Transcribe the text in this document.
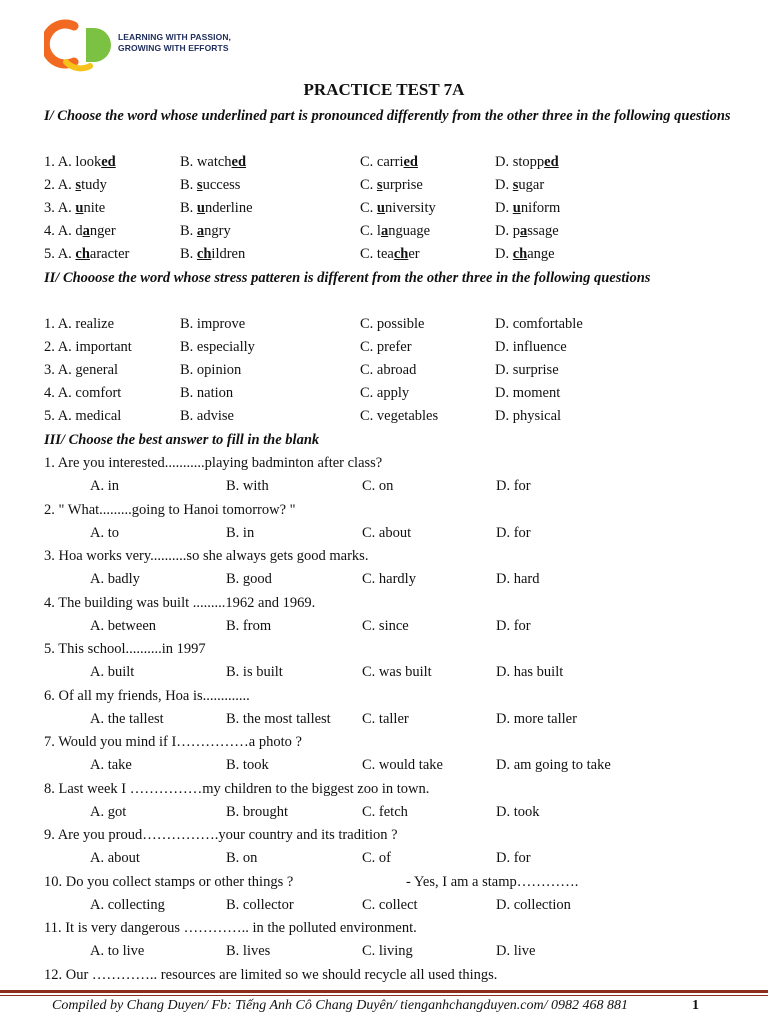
LEARNING WITH PASSION,
GROWING WITH EFFORTS
PRACTICE TEST 7A
I/ Choose the word whose underlined part is pronounced differently from the other three in the following questions
1. A. looked	B. watched	C. carried	D. stopped
2. A. study	B. success	C. surprise	D. sugar
3. A. unite	B. underline	C. university	D. uniform
4. A. danger	B. angry	C. language	D. passage
5. A. character	B. children	C. teacher	D. change
II/ Chooose the word whose stress patteren is different from the other three in the following questions
1. A. realize	B. improve	C. possible	D. comfortable
2. A. important	B. especially	C. prefer	D. influence
3. A. general	B. opinion	C. abroad	D. surprise
4. A. comfort	B. nation	C. apply	D. moment
5. A. medical	B. advise	C. vegetables	D. physical
III/ Choose the best answer to fill in the blank
1. Are you interested...........playing badminton after class?
A. in	B. with	C. on	D. for
2. " What.........going to Hanoi tomorrow? "
A. to	B. in	C. about	D. for
3. Hoa works very..........so she always gets good marks.
A. badly	B. good	C. hardly	D. hard
4. The building was built .........1962 and 1969.
A. between	B. from	C. since	D. for
5. This school..........in 1997
A. built	B. is built	C. was built	D. has built
6. Of all my friends, Hoa is.............
A. the tallest	B. the most tallest C. taller	D. more taller
7. Would you mind if I……………a photo ?
A. take	B. took	C. would take	D. am going to take
8. Last week I ……………my children to the biggest zoo in town.
A. got	B. brought	C. fetch	D. took
9. Are you proud…………….your country and its tradition ?
A. about	B. on	C. of	D. for
10. Do you collect stamps or other things ?	- Yes, I am a stamp………….
A. collecting	B. collector	C. collect	D. collection
11. It is very dangerous ………….. in the polluted environment.
A. to live	B. lives	C. living	D. live
12. Our ………….. resources are limited so we should recycle all used things.
Compiled by Chang Duyen/ Fb: Tiếng Anh Cô Chang Duyên/ tienganhchangduyen.com/ 0982 468 881	1
